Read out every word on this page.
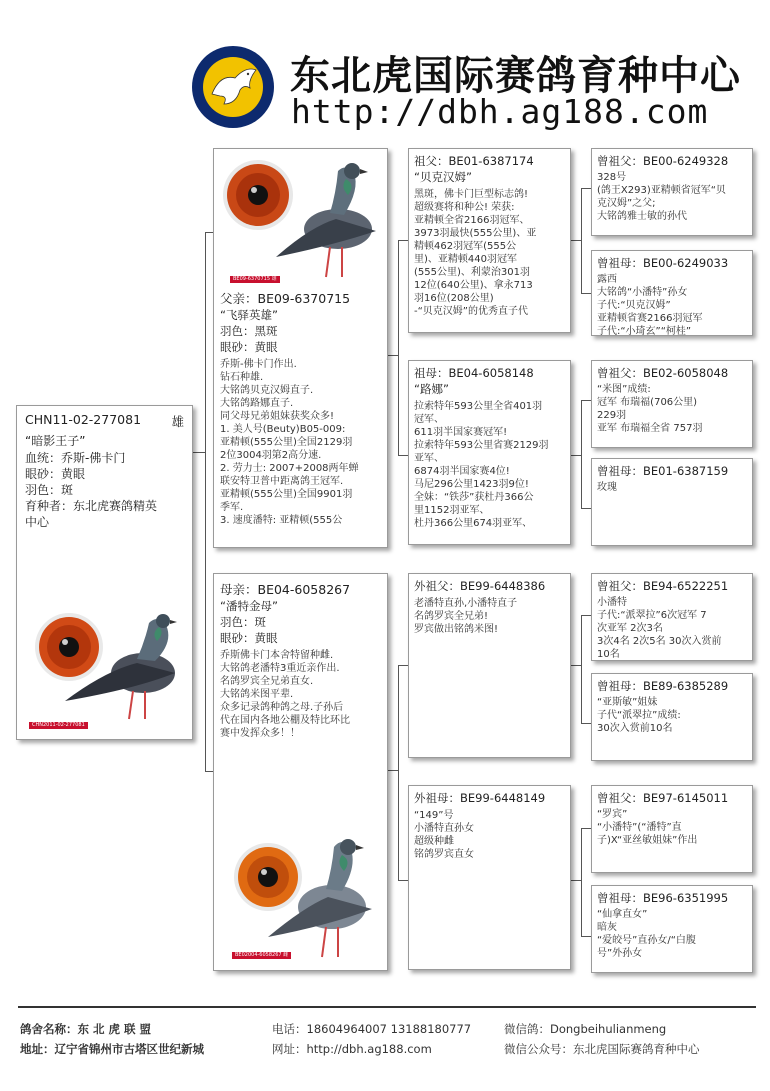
东北虎国际赛鸽育种中心
http://dbh.ag188.com
CHN11-02-277081 雄
“暗影王子”
血统：乔斯-佛卡门
眼砂：黄眼
羽色：斑
育种者：东北虎赛鸽精英
中心
CHN2011-02-277081
BE09-6370715 雄
父亲：BE09-6370715
“飞驿英雄”
羽色：黑斑
眼砂：黄眼
乔斯-佛卡门作出.
钻石种雄.
大铭鸽贝克汉姆直子.
大铭鸽路娜直子.
同父母兄弟姐妹获奖众多!
1. 美人号(Beuty)B05-009:
亚精顿(555公里)全国2129羽
2位3004羽第2高分速.
2. 劳力士: 2007+2008两年蝉
联安特卫普中距离鸽王冠军.
亚精顿(555公里)全国9901羽
季军.
3. 速度潘特: 亚精顿(555公
母亲：BE04-6058267
“潘特金母”
羽色：斑
眼砂：黄眼
乔斯佛卡门本舍特留种雌.
大铭鸽老潘特3重近亲作出.
名鸽罗宾全兄弟直女.
大铭鸽米图平辈.
众多记录鸽种鸽之母.子孙后
代在国内各地公棚及特比环比
赛中发挥众多！！
BE02004-6058267 雌
祖父：BE01-6387174
“贝克汉姆”
黑斑，佛卡门巨型标志鸽!
超级赛将和种公! 荣获:
亚精顿全省2166羽冠军、
3973羽最快(555公里)、亚
精顿462羽冠军(555公
里)、亚精顿440羽冠军
(555公里)、利蒙治301羽
12位(640公里)、拿永713
羽16位(208公里)
-“贝克汉姆”的优秀直子代
祖母：BE04-6058148
“路娜”
拉索特年593公里全省401羽
冠军、
611羽半国家赛冠军!
拉索特年593公里省赛2129羽
亚军、
6874羽半国家赛4位!
马尼296公里1423羽9位!
全妹：“铁莎”获杜丹366公
里1152羽亚军、
杜丹366公里674羽亚军、
外祖父：BE99-6448386
老潘特直孙,小潘特直子
名鸽罗宾全兄弟!
罗宾做出铭鸽米图!
外祖母：BE99-6448149
“149”号
小潘特直孙女
超级种雌
铭鸽罗宾直女
曾祖父：BE00-6249328
328号
(鸽王X293)亚精顿省冠军“贝
克汉姆”之父;
大铭鸽雅士敏的孙代
曾祖母：BE00-6249033
露西
大铭鸽“小潘特”孙女
子代:“贝克汉姆”
亚精顿省赛2166羽冠军
子代:“小琦玄”“柯桂”
曾祖父：BE02-6058048
“米图”成绩:
冠军 布瑞福(706公里)
229羽
亚军 布瑞福全省 757羽
曾祖母：BE01-6387159
玫瑰
曾祖父：BE94-6522251
小潘特
子代:“派翠拉”6次冠军 7
次亚军 2次3名
3次4名 2次5名 30次入赏前
10名
曾祖母：BE89-6385289
“亚斯敏”姐妹
子代“派翠拉”成绩:
30次入赏前10名
曾祖父：BE97-6145011
“罗宾”
“小潘特”(“潘特”直
子)X“亚丝敏姐妹”作出
曾祖母：BE96-6351995
“仙拿直女”
暗灰
“爱皎号”直孙女/“白腹
号”外孙女
鸽舍名称：东 北 虎 联 盟	电话：18604964007 13188180777	微信鸽：Dongbeihulianmeng
地址：辽宁省锦州市古塔区世纪新城	网址：http://dbh.ag188.com	微信公众号：东北虎国际赛鸽育种中心
